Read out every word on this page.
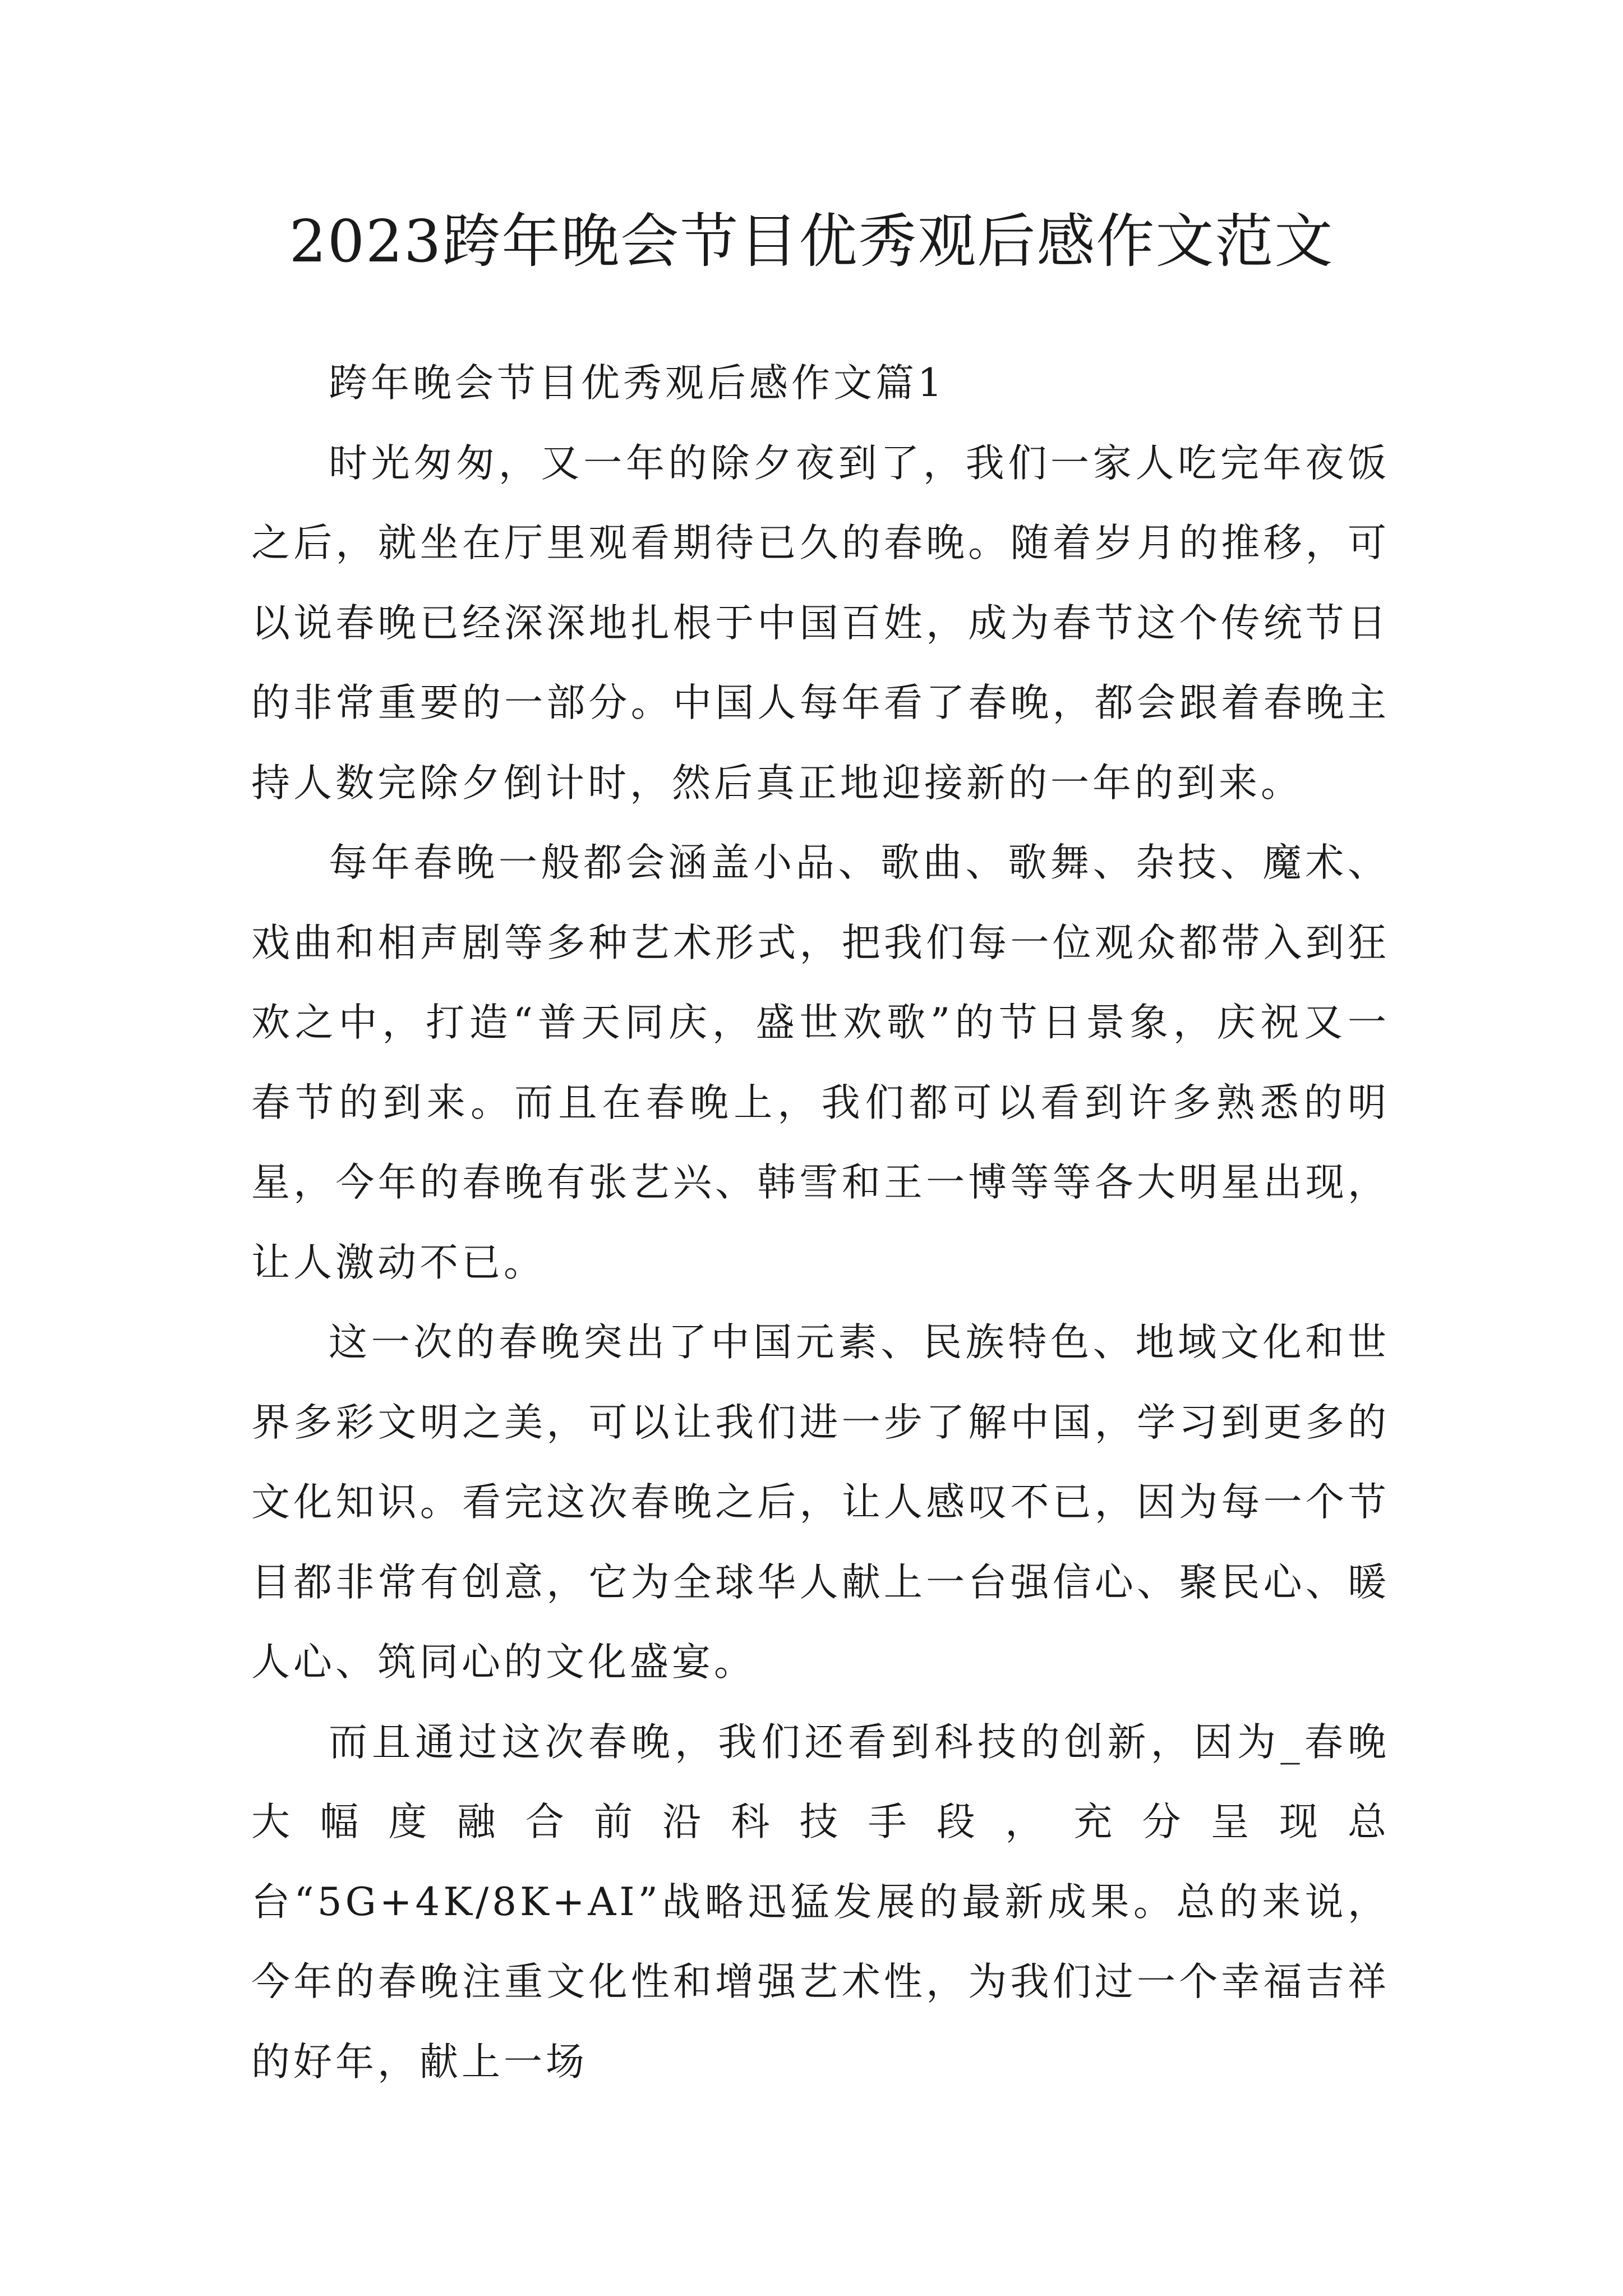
2023跨年晚会节目优秀观后感作文范文

跨年晚会节目优秀观后感作文篇1

时光匆匆，又一年的除夕夜到了，我们一家人吃完年夜饭之后，就坐在厅里观看期待已久的春晚。随着岁月的推移，可以说春晚已经深深地扎根于中国百姓，成为春节这个传统节日的非常重要的一部分。中国人每年看了春晚，都会跟着春晚主持人数完除夕倒计时，然后真正地迎接新的一年的到来。

每年春晚一般都会涵盖小品、歌曲、歌舞、杂技、魔术、戏曲和相声剧等多种艺术形式，把我们每一位观众都带入到狂欢之中，打造“普天同庆，盛世欢歌”的节日景象，庆祝又一春节的到来。而且在春晚上，我们都可以看到许多熟悉的明星，今年的春晚有张艺兴、韩雪和王一博等等各大明星出现，让人激动不已。

这一次的春晚突出了中国元素、民族特色、地域文化和世界多彩文明之美，可以让我们进一步了解中国，学习到更多的文化知识。看完这次春晚之后，让人感叹不已，因为每一个节目都非常有创意，它为全球华人献上一台强信心、聚民心、暖人心、筑同心的文化盛宴。

而且通过这次春晚，我们还看到科技的创新，因为_春晚大幅度融合前沿科技手段，充分呈现总台“5G+4K/8K+AI”战略迅猛发展的最新成果。总的来说，今年的春晚注重文化性和增强艺术性，为我们过一个幸福吉祥的好年，献上一场
